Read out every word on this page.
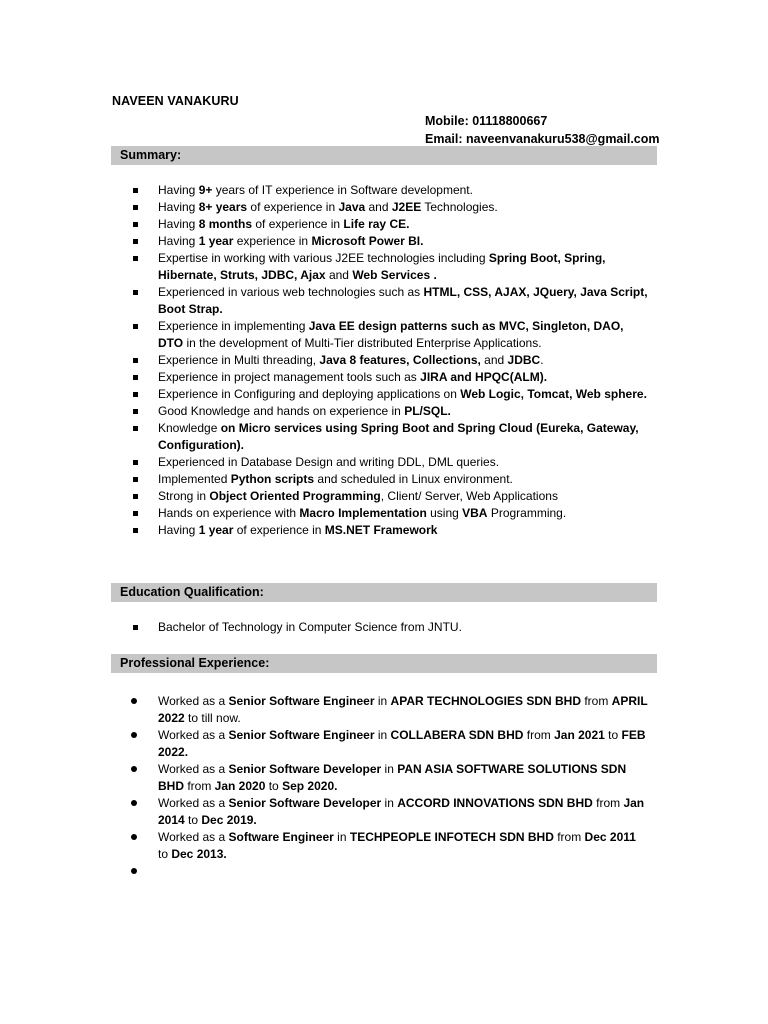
NAVEEN VANAKURU
Mobile: 01118800667
Email: naveenvanakuru538@gmail.com
Summary:
Having 9+ years of IT experience in Software development.
Having 8+ years of experience in Java and J2EE Technologies.
Having 8 months of experience in Life ray CE.
Having 1 year experience in Microsoft Power BI.
Expertise in working with various J2EE technologies including Spring Boot, Spring, Hibernate, Struts, JDBC, Ajax and Web Services .
Experienced in various web technologies such as HTML, CSS, AJAX, JQuery, Java Script, Boot Strap.
Experience in implementing Java EE design patterns such as MVC, Singleton, DAO, DTO in the development of Multi-Tier distributed Enterprise Applications.
Experience in Multi threading, Java 8 features, Collections, and JDBC.
Experience in project management tools such as JIRA and HPQC(ALM).
Experience in Configuring and deploying applications on Web Logic, Tomcat, Web sphere.
Good Knowledge and hands on experience in PL/SQL.
Knowledge on Micro services using Spring Boot and Spring Cloud (Eureka, Gateway, Configuration).
Experienced in Database Design and writing DDL, DML queries.
Implemented Python scripts and scheduled in Linux environment.
Strong in Object Oriented Programming, Client/ Server, Web Applications
Hands on experience with Macro Implementation using VBA Programming.
Having 1 year of experience in MS.NET Framework
Education Qualification:
Bachelor of Technology in Computer Science from JNTU.
Professional Experience:
Worked as a Senior Software Engineer in APAR TECHNOLOGIES SDN BHD from APRIL 2022 to till now.
Worked as a Senior Software Engineer in COLLABERA SDN BHD from Jan 2021 to FEB 2022.
Worked as a Senior Software Developer in PAN ASIA SOFTWARE SOLUTIONS SDN BHD from Jan 2020 to Sep 2020.
Worked as a Senior Software Developer in ACCORD INNOVATIONS SDN BHD from Jan 2014 to Dec 2019.
Worked as a Software Engineer in TECHPEOPLE INFOTECH SDN BHD from Dec 2011 to Dec 2013.
